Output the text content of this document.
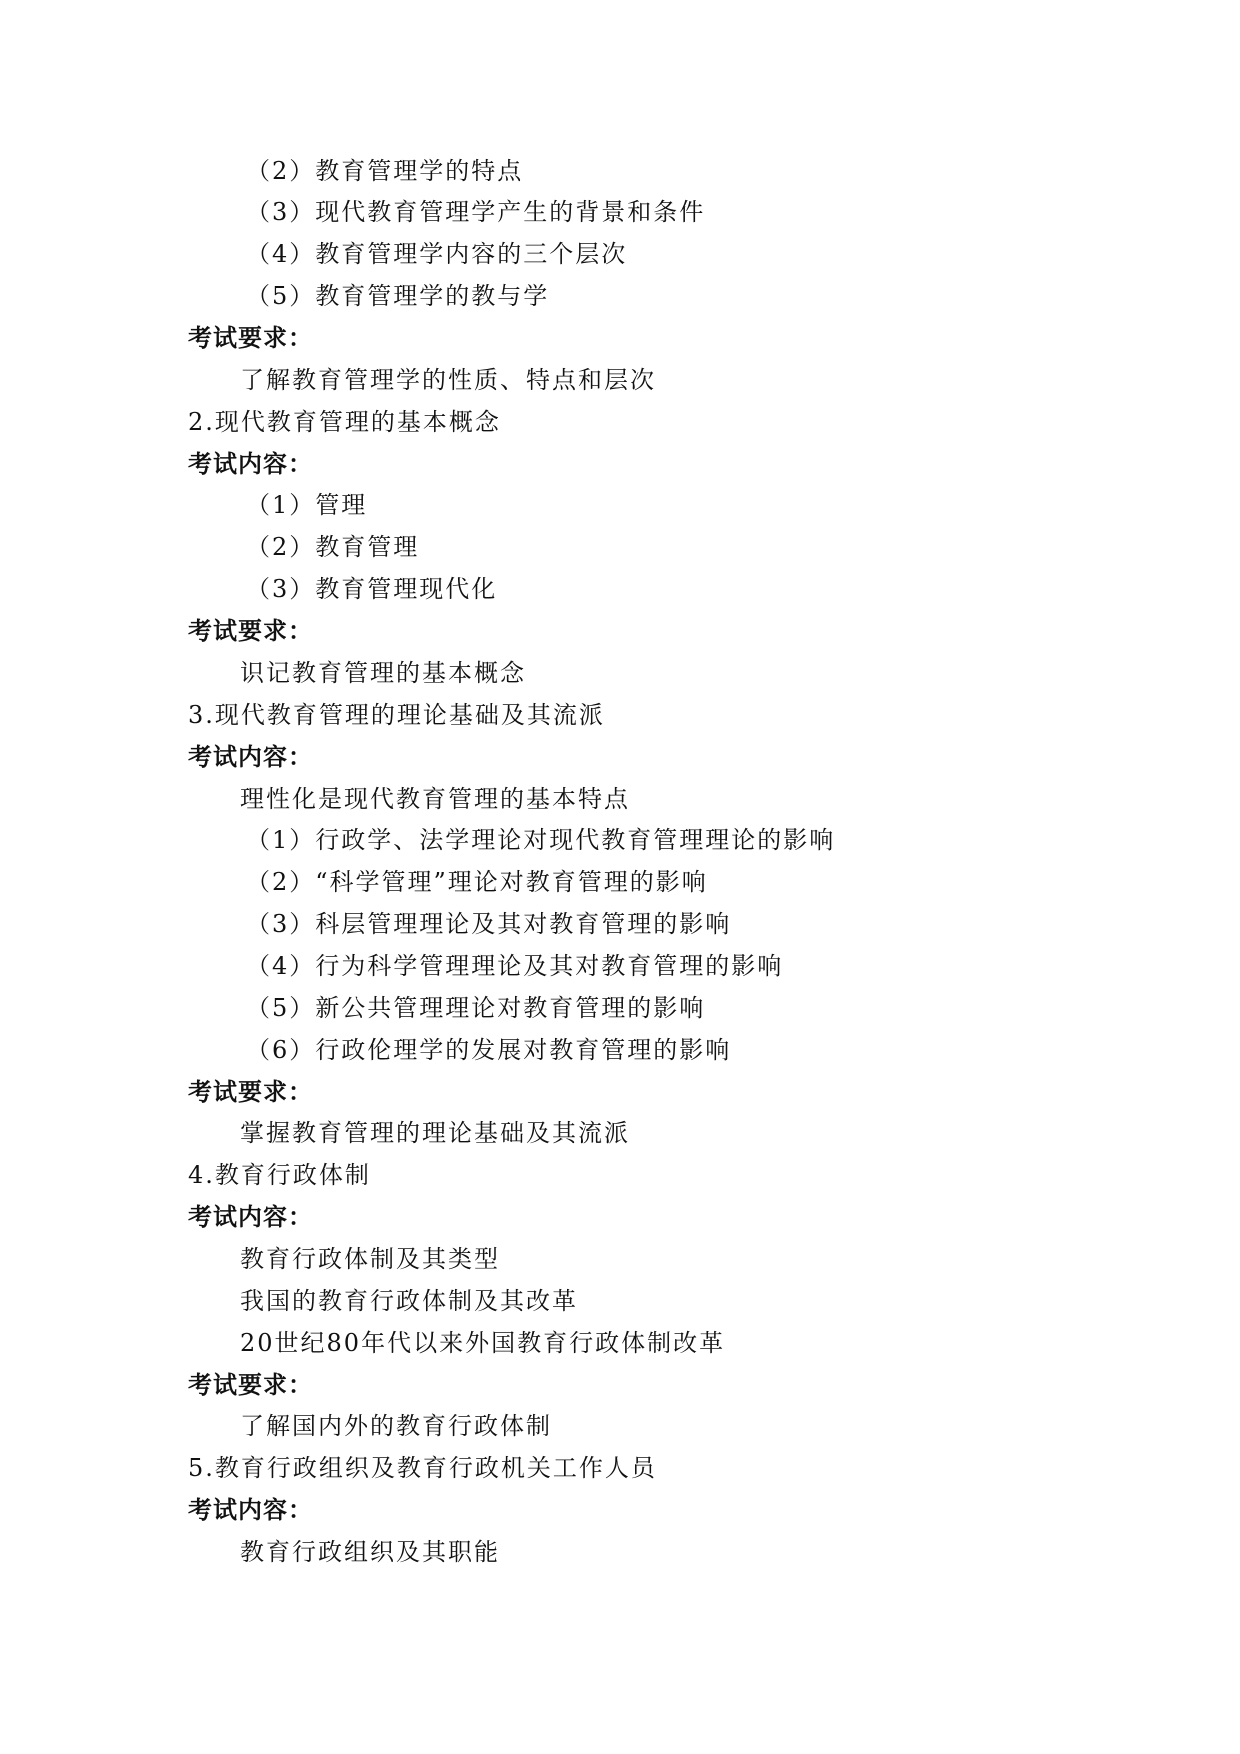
（2）教育管理学的特点
（3）现代教育管理学产生的背景和条件
（4）教育管理学内容的三个层次
（5）教育管理学的教与学
考试要求：
了解教育管理学的性质、特点和层次
2.现代教育管理的基本概念
考试内容：
（1）管理
（2）教育管理
（3）教育管理现代化
考试要求：
识记教育管理的基本概念
3.现代教育管理的理论基础及其流派
考试内容：
理性化是现代教育管理的基本特点
（1）行政学、法学理论对现代教育管理理论的影响
（2）“科学管理”理论对教育管理的影响
（3）科层管理理论及其对教育管理的影响
（4）行为科学管理理论及其对教育管理的影响
（5）新公共管理理论对教育管理的影响
（6）行政伦理学的发展对教育管理的影响
考试要求：
掌握教育管理的理论基础及其流派
4.教育行政体制
考试内容：
教育行政体制及其类型
我国的教育行政体制及其改革
20世纪80年代以来外国教育行政体制改革
考试要求：
了解国内外的教育行政体制
5.教育行政组织及教育行政机关工作人员
考试内容：
教育行政组织及其职能
